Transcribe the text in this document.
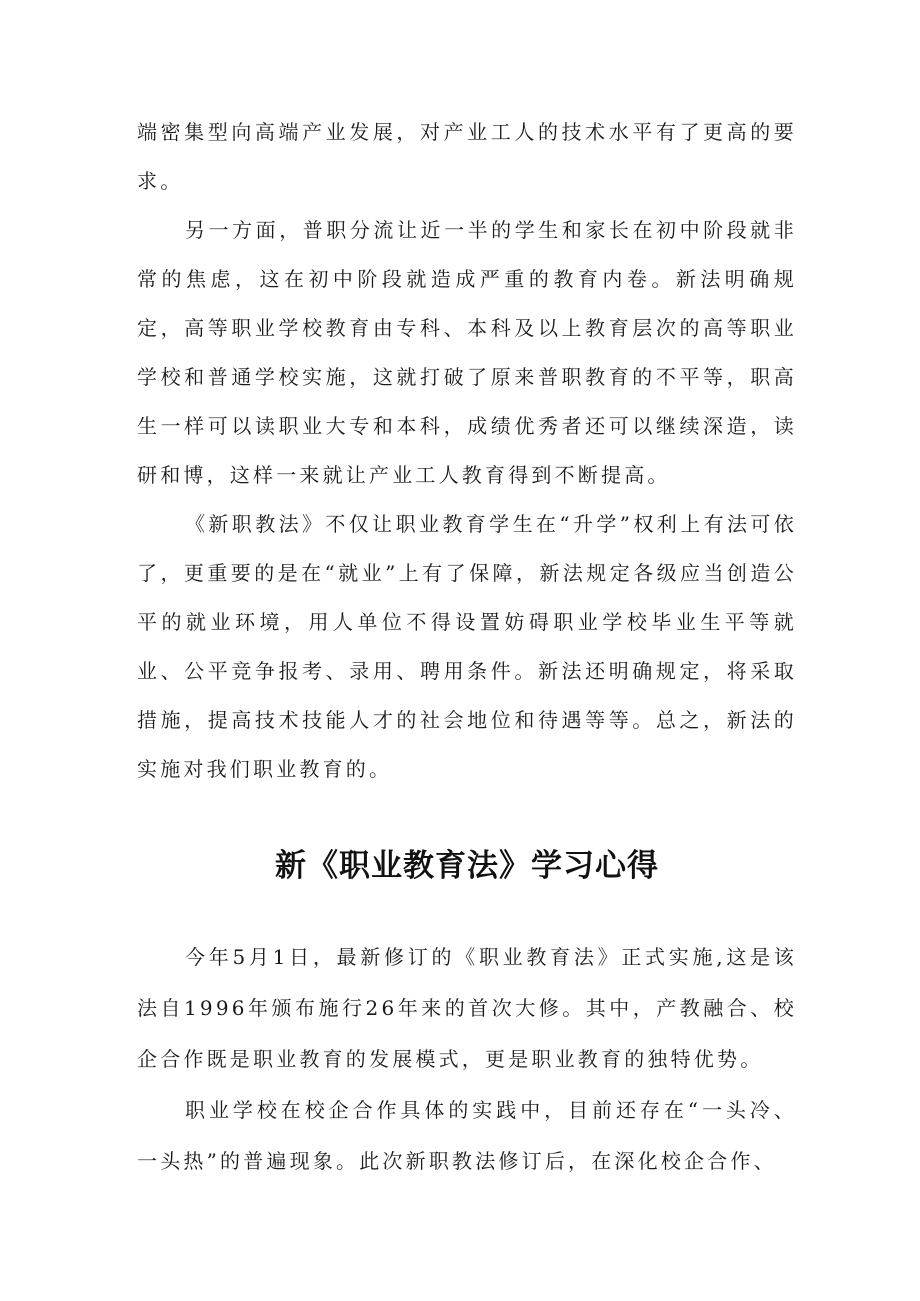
端密集型向高端产业发展，对产业工人的技术水平有了更高的要求。

另一方面，普职分流让近一半的学生和家长在初中阶段就非常的焦虑，这在初中阶段就造成严重的教育内卷。新法明确规定，高等职业学校教育由专科、本科及以上教育层次的高等职业学校和普通学校实施，这就打破了原来普职教育的不平等，职高生一样可以读职业大专和本科，成绩优秀者还可以继续深造，读研和博，这样一来就让产业工人教育得到不断提高。

《新职教法》不仅让职业教育学生在“升学”权利上有法可依了，更重要的是在“就业”上有了保障，新法规定各级应当创造公平的就业环境，用人单位不得设置妨碍职业学校毕业生平等就业、公平竞争报考、录用、聘用条件。新法还明确规定，将采取措施，提高技术技能人才的社会地位和待遇等等。总之，新法的实施对我们职业教育的。

新《职业教育法》学习心得

今年5月1日，最新修订的《职业教育法》正式实施,这是该法自1996年颁布施行26年来的首次大修。其中，产教融合、校企合作既是职业教育的发展模式，更是职业教育的独特优势。

职业学校在校企合作具体的实践中，目前还存在“一头冷、一头热”的普遍现象。此次新职教法修订后，在深化校企合作、
